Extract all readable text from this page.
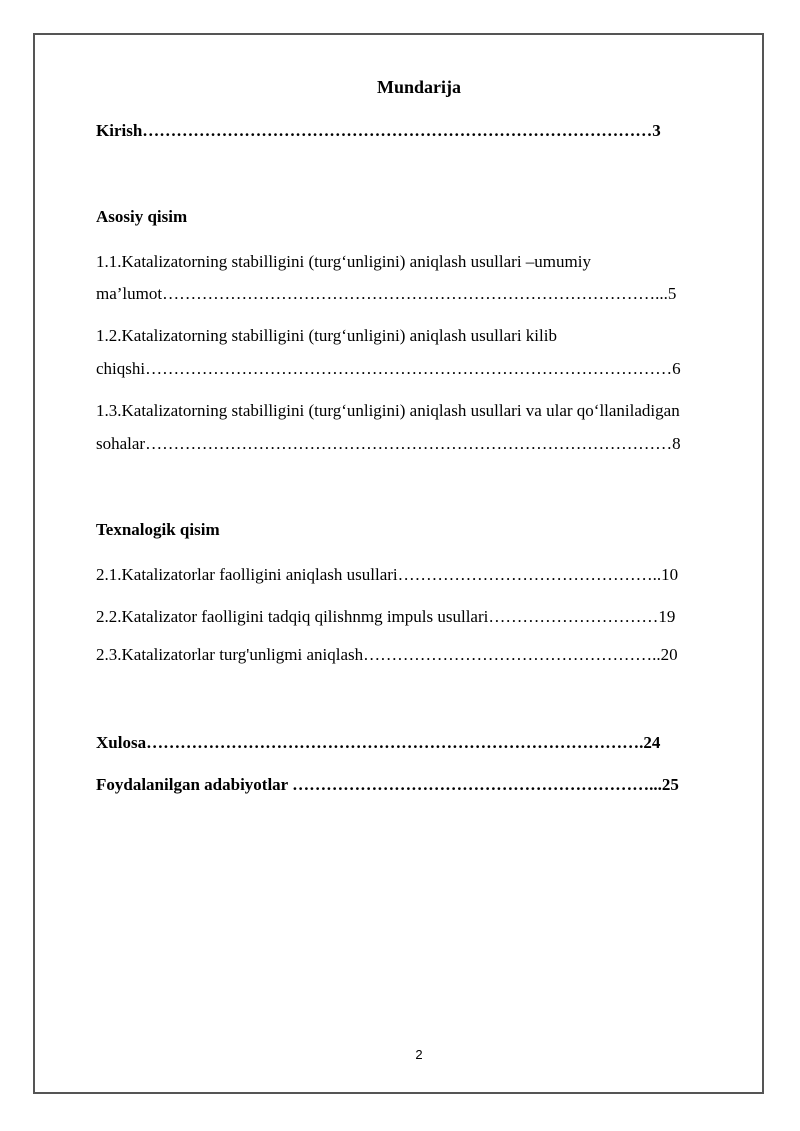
Mundarija
Kirish………………………………………………………………………………3
Asosiy qisim
1.1.Katalizatorning stabilligini (turg‘unligini) aniqlash usullari –umumiy
ma’lumot……………………………………………………………………………...5
1.2.Katalizatorning stabilligini (turg‘unligini) aniqlash usullari kilib
chiqshi…………………………………………………………………………………6
1.3.Katalizatorning stabilligini (turg‘unligini) aniqlash usullari va ular qo‘llaniladigan
sohalar…………………………………………………………………………………8
Texnalogik qisim
2.1.Katalizatorlar faolligini aniqlash usullari………………………………………..10
2.2.Katalizator faolligini tadqiq qilishnmg impuls usullari…………………………19
2.3.Katalizatorlar turg'unligmi aniqlash……………………………………………..20
Xulosa…………………………………………………………………………….24
Foydalanilgan adabiyotlar ………………………………………………………...25
2
